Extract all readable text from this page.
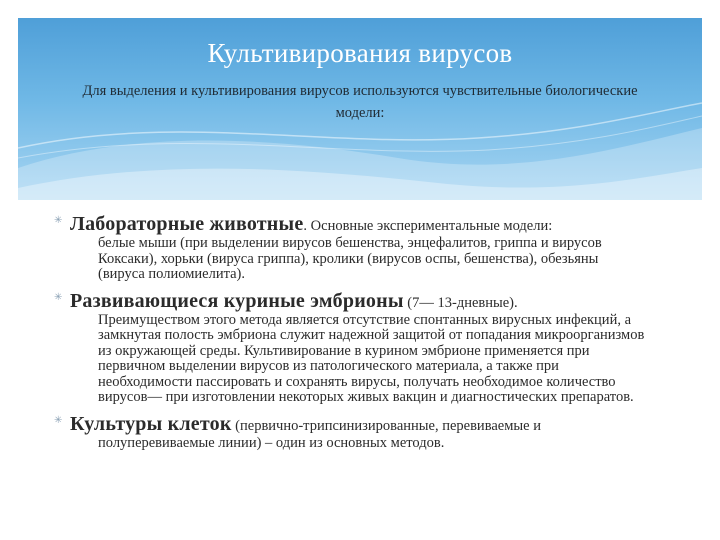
Культивирования вирусов
Для выделения и культивирования вирусов используются чувствительные биологические модели:
✳ Лабораторные животные. Основные экспериментальные модели:
белые мыши (при выделении вирусов бешенства, энцефалитов, гриппа и вирусов Коксаки), хорьки (вируса гриппа), кролики (вирусов оспы, бешенства), обезьяны (вируса полиомиелита).
✳ Развивающиеся куриные эмбрионы (7— 13-дневные).
Преимуществом этого метода является отсутствие спонтанных вирусных инфекций, а замкнутая полость эмбриона служит надежной защитой от попадания микроорганизмов из окружающей среды. Культивирование в курином эмбрионе применяется при первичном выделении вирусов из патологического материала, а также при необходимости пассировать и сохранять вирусы, получать необходимое количество вирусов— при изготовлении некоторых живых вакцин и диагностических препаратов.
✳ Культуры клеток (первично-трипсинизированные, перевиваемые и
полуперевиваемые линии) – один из основных методов.
